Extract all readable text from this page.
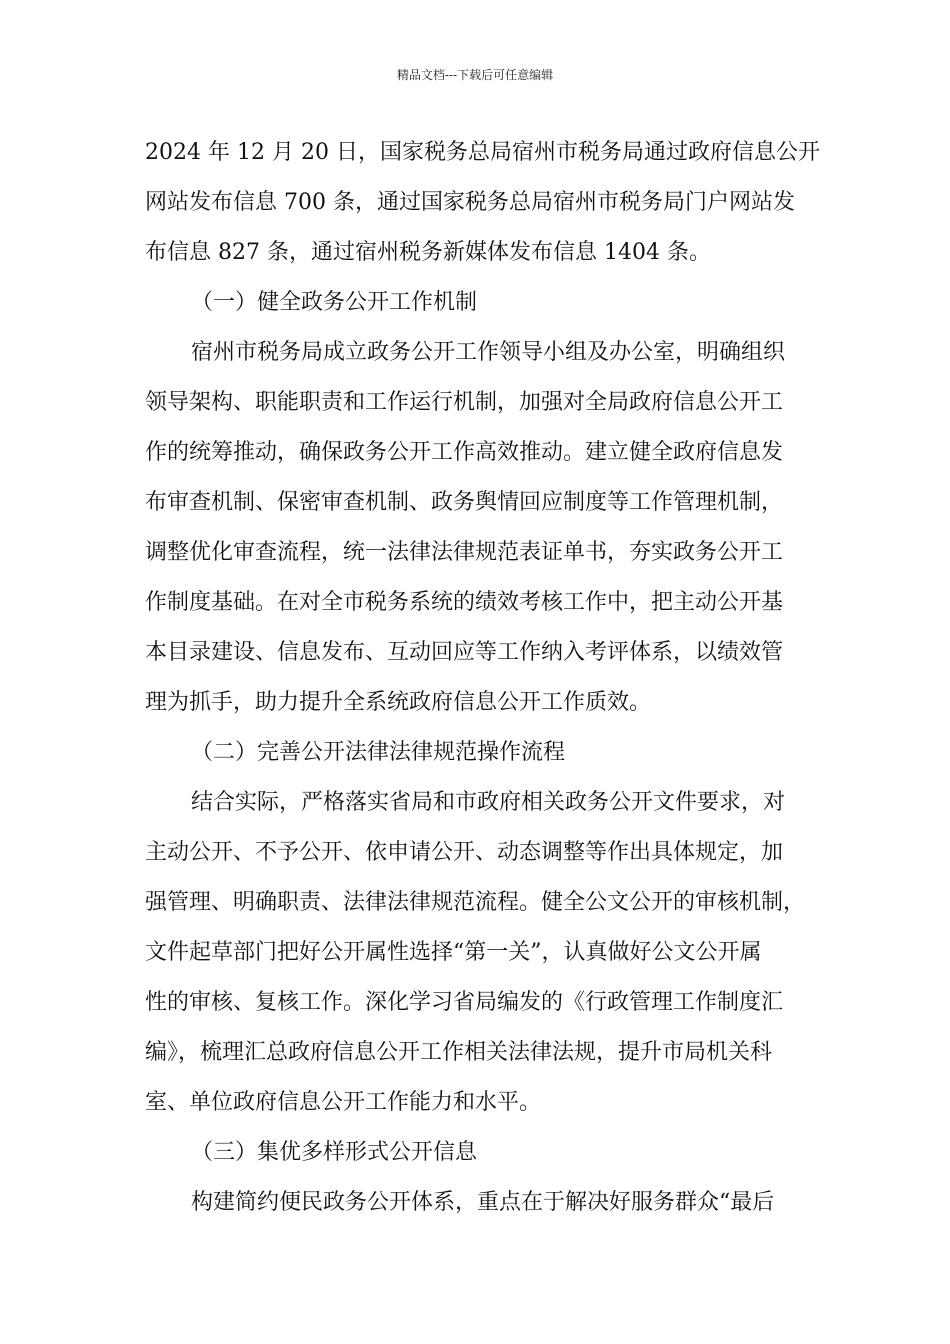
精品文档---下载后可任意编辑
2024 年 12 月 20 日，国家税务总局宿州市税务局通过政府信息公开
网站发布信息 700 条，通过国家税务总局宿州市税务局门户网站发
布信息 827 条，通过宿州税务新媒体发布信息 1404 条。
（一）健全政务公开工作机制
宿州市税务局成立政务公开工作领导小组及办公室，明确组织
领导架构、职能职责和工作运行机制，加强对全局政府信息公开工
作的统筹推动，确保政务公开工作高效推动。建立健全政府信息发
布审查机制、保密审查机制、政务舆情回应制度等工作管理机制，
调整优化审查流程，统一法律法律规范表证单书，夯实政务公开工
作制度基础。在对全市税务系统的绩效考核工作中，把主动公开基
本目录建设、信息发布、互动回应等工作纳入考评体系，以绩效管
理为抓手，助力提升全系统政府信息公开工作质效。
（二）完善公开法律法律规范操作流程
结合实际，严格落实省局和市政府相关政务公开文件要求，对
主动公开、不予公开、依申请公开、动态调整等作出具体规定，加
强管理、明确职责、法律法律规范流程。健全公文公开的审核机制，
文件起草部门把好公开属性选择“第一关”，认真做好公文公开属
性的审核、复核工作。深化学习省局编发的《行政管理工作制度汇
编》，梳理汇总政府信息公开工作相关法律法规，提升市局机关科
室、单位政府信息公开工作能力和水平。
（三）集优多样形式公开信息
构建简约便民政务公开体系，重点在于解决好服务群众“最后
